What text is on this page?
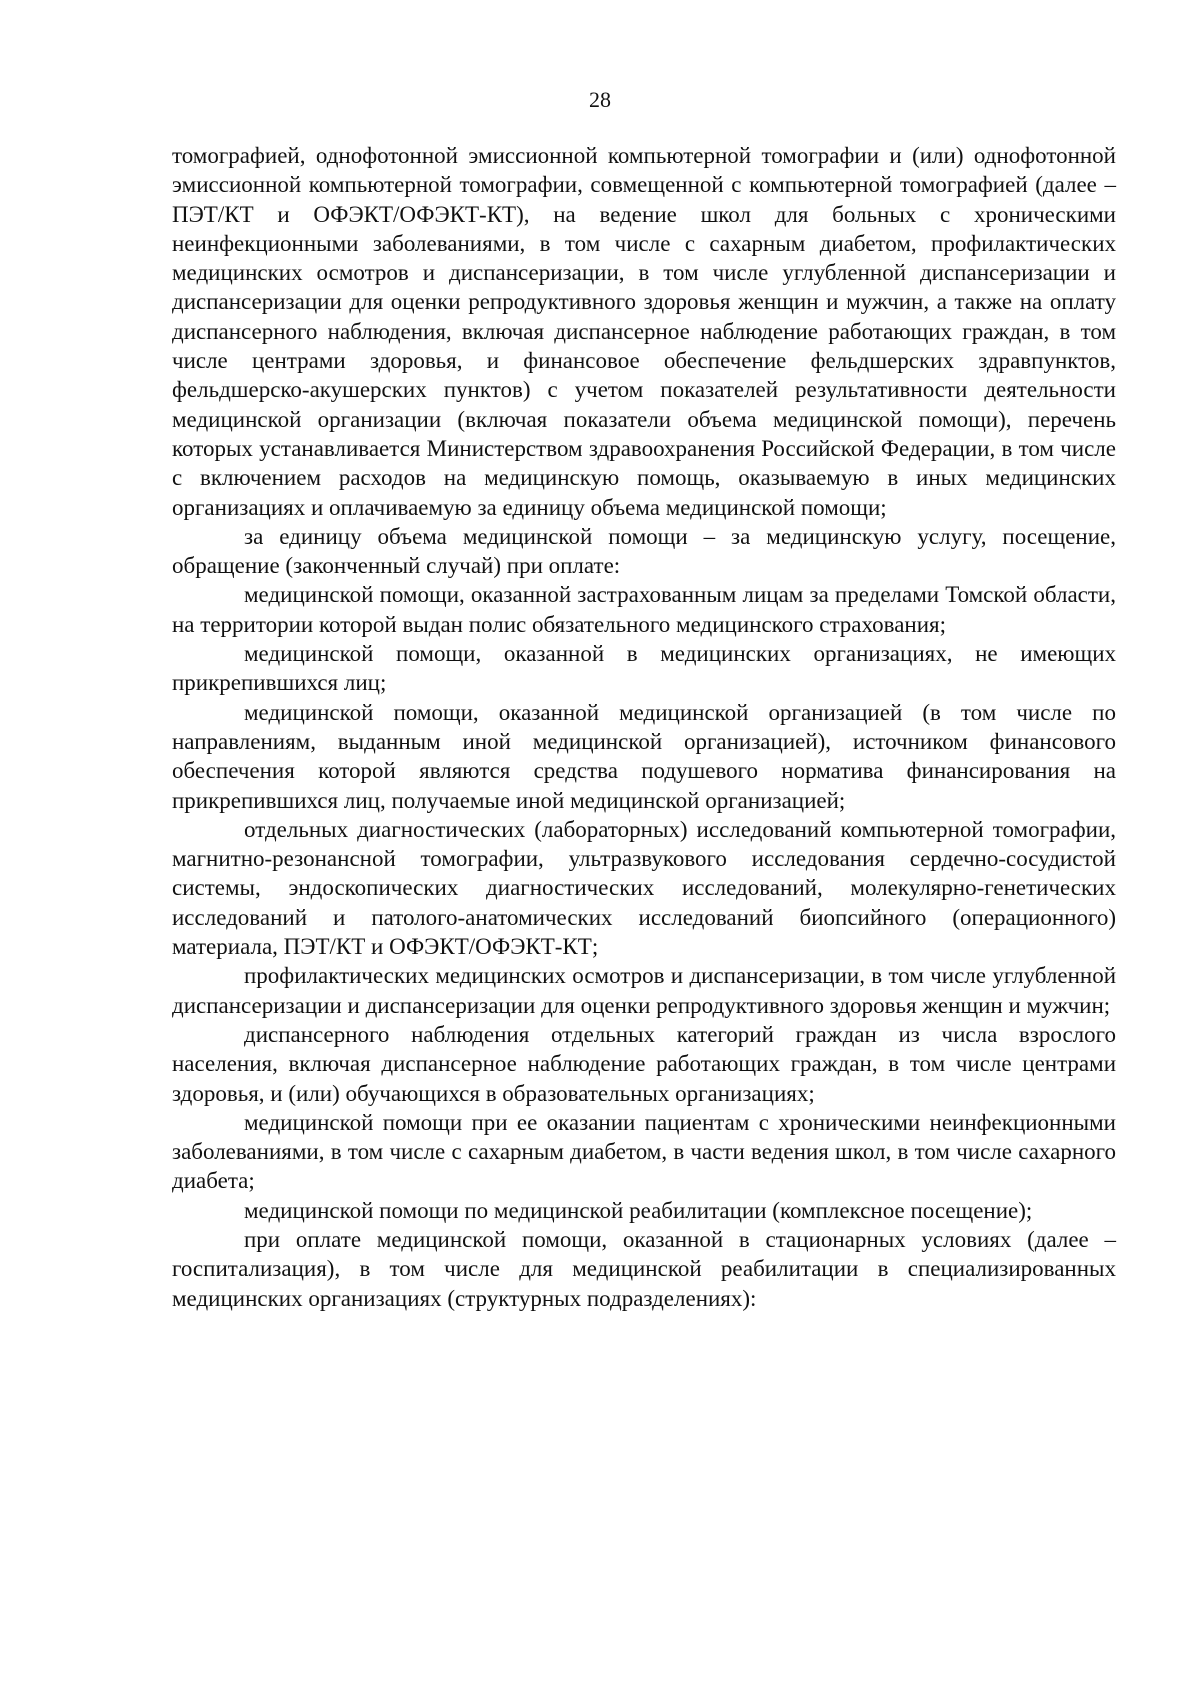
28

томографией, однофотонной эмиссионной компьютерной томографии и (или) однофотонной эмиссионной компьютерной томографии, совмещенной с компьютерной томографией (далее – ПЭТ/КТ и ОФЭКТ/ОФЭКТ-КТ), на ведение школ для больных с хроническими неинфекционными заболеваниями, в том числе с сахарным диабетом, профилактических медицинских осмотров и диспансеризации, в том числе углубленной диспансеризации и диспансеризации для оценки репродуктивного здоровья женщин и мужчин, а также на оплату диспансерного наблюдения, включая диспансерное наблюдение работающих граждан, в том числе центрами здоровья, и финансовое обеспечение фельдшерских здравпунктов, фельдшерско-акушерских пунктов) с учетом показателей результативности деятельности медицинской организации (включая показатели объема медицинской помощи), перечень которых устанавливается Министерством здравоохранения Российской Федерации, в том числе с включением расходов на медицинскую помощь, оказываемую в иных медицинских организациях и оплачиваемую за единицу объема медицинской помощи;

за единицу объема медицинской помощи – за медицинскую услугу, посещение, обращение (законченный случай) при оплате:

медицинской помощи, оказанной застрахованным лицам за пределами Томской области, на территории которой выдан полис обязательного медицинского страхования;

медицинской помощи, оказанной в медицинских организациях, не имеющих прикрепившихся лиц;

медицинской помощи, оказанной медицинской организацией (в том числе по направлениям, выданным иной медицинской организацией), источником финансового обеспечения которой являются средства подушевого норматива финансирования на прикрепившихся лиц, получаемые иной медицинской организацией;

отдельных диагностических (лабораторных) исследований компьютерной томографии, магнитно-резонансной томографии, ультразвукового исследования сердечно-сосудистой системы, эндоскопических диагностических исследований, молекулярно-генетических исследований и патолого-анатомических исследований биопсийного (операционного) материала, ПЭТ/КТ и ОФЭКТ/ОФЭКТ-КТ;

профилактических медицинских осмотров и диспансеризации, в том числе углубленной диспансеризации и диспансеризации для оценки репродуктивного здоровья женщин и мужчин;

диспансерного наблюдения отдельных категорий граждан из числа взрослого населения, включая диспансерное наблюдение работающих граждан, в том числе центрами здоровья, и (или) обучающихся в образовательных организациях;

медицинской помощи при ее оказании пациентам с хроническими неинфекционными заболеваниями, в том числе с сахарным диабетом, в части ведения школ, в том числе сахарного диабета;

медицинской помощи по медицинской реабилитации (комплексное посещение);

при оплате медицинской помощи, оказанной в стационарных условиях (далее – госпитализация), в том числе для медицинской реабилитации в специализированных медицинских организациях (структурных подразделениях):
